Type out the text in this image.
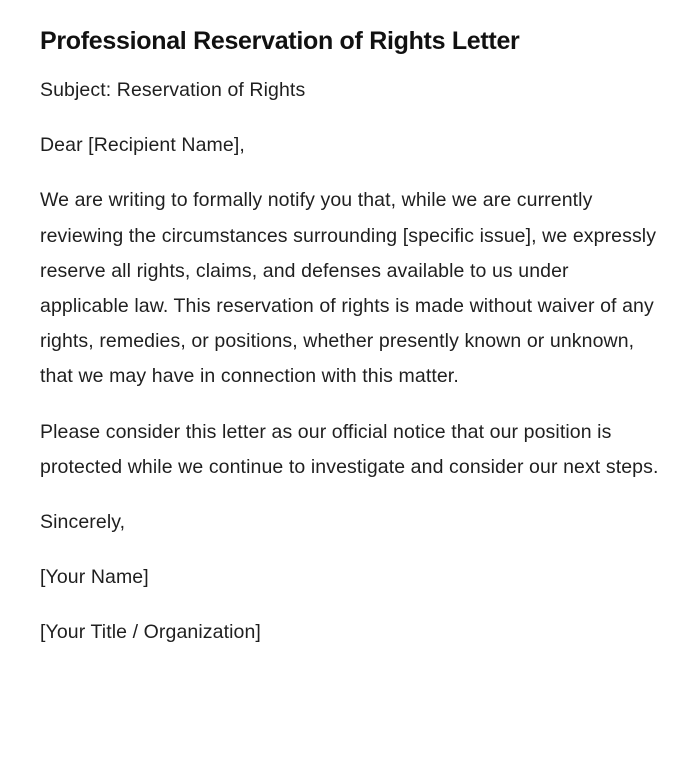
Professional Reservation of Rights Letter

Subject: Reservation of Rights

Dear [Recipient Name],

We are writing to formally notify you that, while we are currently reviewing the circumstances surrounding [specific issue], we expressly reserve all rights, claims, and defenses available to us under applicable law. This reservation of rights is made without waiver of any rights, remedies, or positions, whether presently known or unknown, that we may have in connection with this matter.

Please consider this letter as our official notice that our position is protected while we continue to investigate and consider our next steps.

Sincerely,

[Your Name]

[Your Title / Organization]
